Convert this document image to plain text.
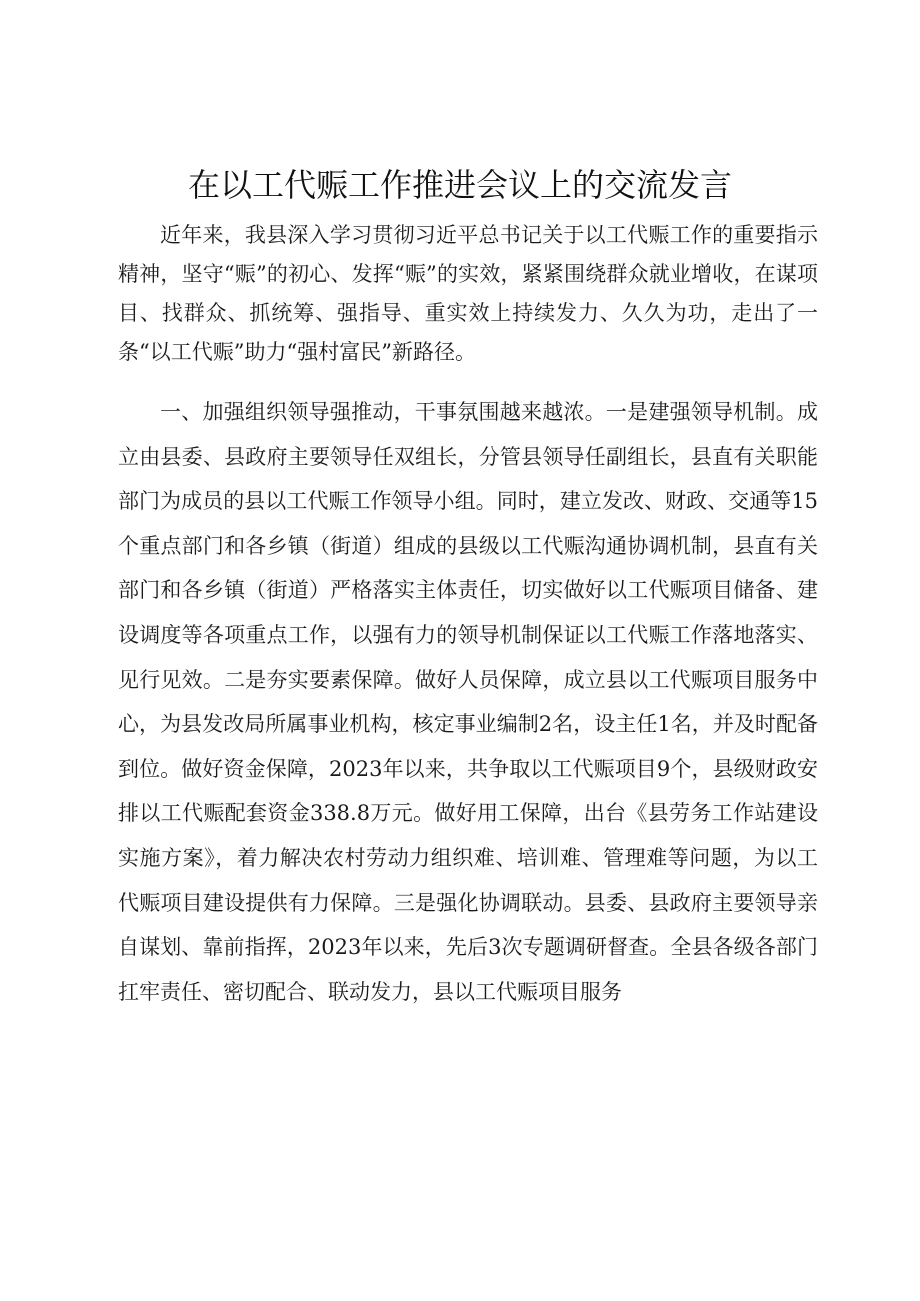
在以工代赈工作推进会议上的交流发言

近年来，我县深入学习贯彻习近平总书记关于以工代赈工作的重要指示精神，坚守“赈”的初心、发挥“赈”的实效，紧紧围绕群众就业增收，在谋项目、找群众、抓统筹、强指导、重实效上持续发力、久久为功，走出了一条“以工代赈”助力“强村富民”新路径。

一、加强组织领导强推动，干事氛围越来越浓。一是建强领导机制。成立由县委、县政府主要领导任双组长，分管县领导任副组长，县直有关职能部门为成员的县以工代赈工作领导小组。同时，建立发改、财政、交通等15个重点部门和各乡镇（街道）组成的县级以工代赈沟通协调机制，县直有关部门和各乡镇（街道）严格落实主体责任，切实做好以工代赈项目储备、建设调度等各项重点工作，以强有力的领导机制保证以工代赈工作落地落实、见行见效。二是夯实要素保障。做好人员保障，成立县以工代赈项目服务中心，为县发改局所属事业机构，核定事业编制2名，设主任1名，并及时配备到位。做好资金保障，2023年以来，共争取以工代赈项目9个，县级财政安排以工代赈配套资金338.8万元。做好用工保障，出台《县劳务工作站建设实施方案》，着力解决农村劳动力组织难、培训难、管理难等问题，为以工代赈项目建设提供有力保障。三是强化协调联动。县委、县政府主要领导亲自谋划、靠前指挥，2023年以来，先后3次专题调研督查。全县各级各部门扛牢责任、密切配合、联动发力，县以工代赈项目服务
